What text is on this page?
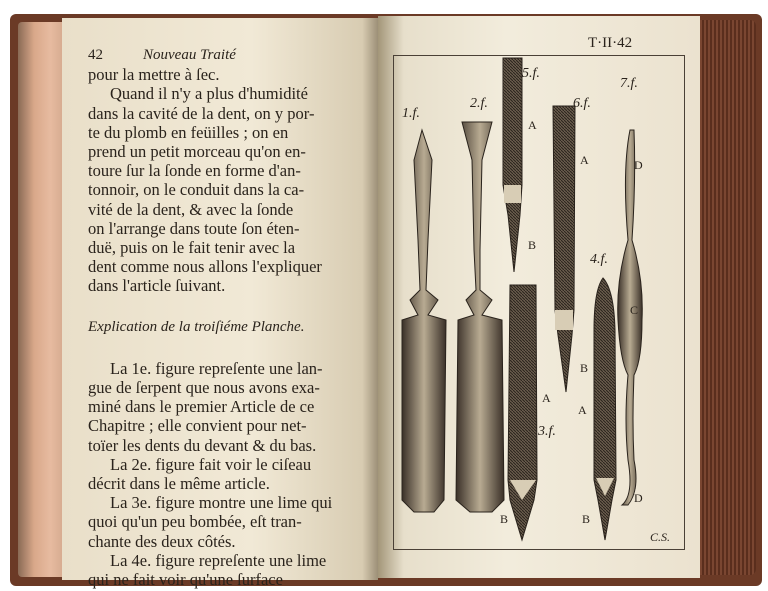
42	Nouveau Traité
pour la mettre à ſec.
Quand il n'y a plus d'humidité
dans la cavité de la dent, on y por-
te du plomb en feüilles ; on en
prend un petit morceau qu'on en-
toure ſur la ſonde en forme d'an-
tonnoir, on le conduit dans la ca-
vité de la dent, & avec la ſonde
on l'arrange dans toute ſon éten-
duë, puis on le fait tenir avec la
dent comme nous allons l'expliquer
dans l'article ſuivant.
Explication de la troiſiéme Planche.
La 1e. figure repreſente une lan-
gue de ſerpent que nous avons exa-
miné dans le premier Article de ce
Chapitre ; elle convient pour net-
toïer les dents du devant & du bas.
La 2e. figure fait voir le ciſeau
décrit dans le même article.
La 3e. figure montre une lime qui
quoi qu'un peu bombée, eſt tran-
chante des deux côtés.
La 4e. figure repreſente une lime
qui ne fait voir qu'une ſurface
T·II·42
1.f.
2.f.
3.f.
4.f.
5.f.
6.f.
7.f.
A
B
A
B
D
C
D
A
B
A
B
C.S.
